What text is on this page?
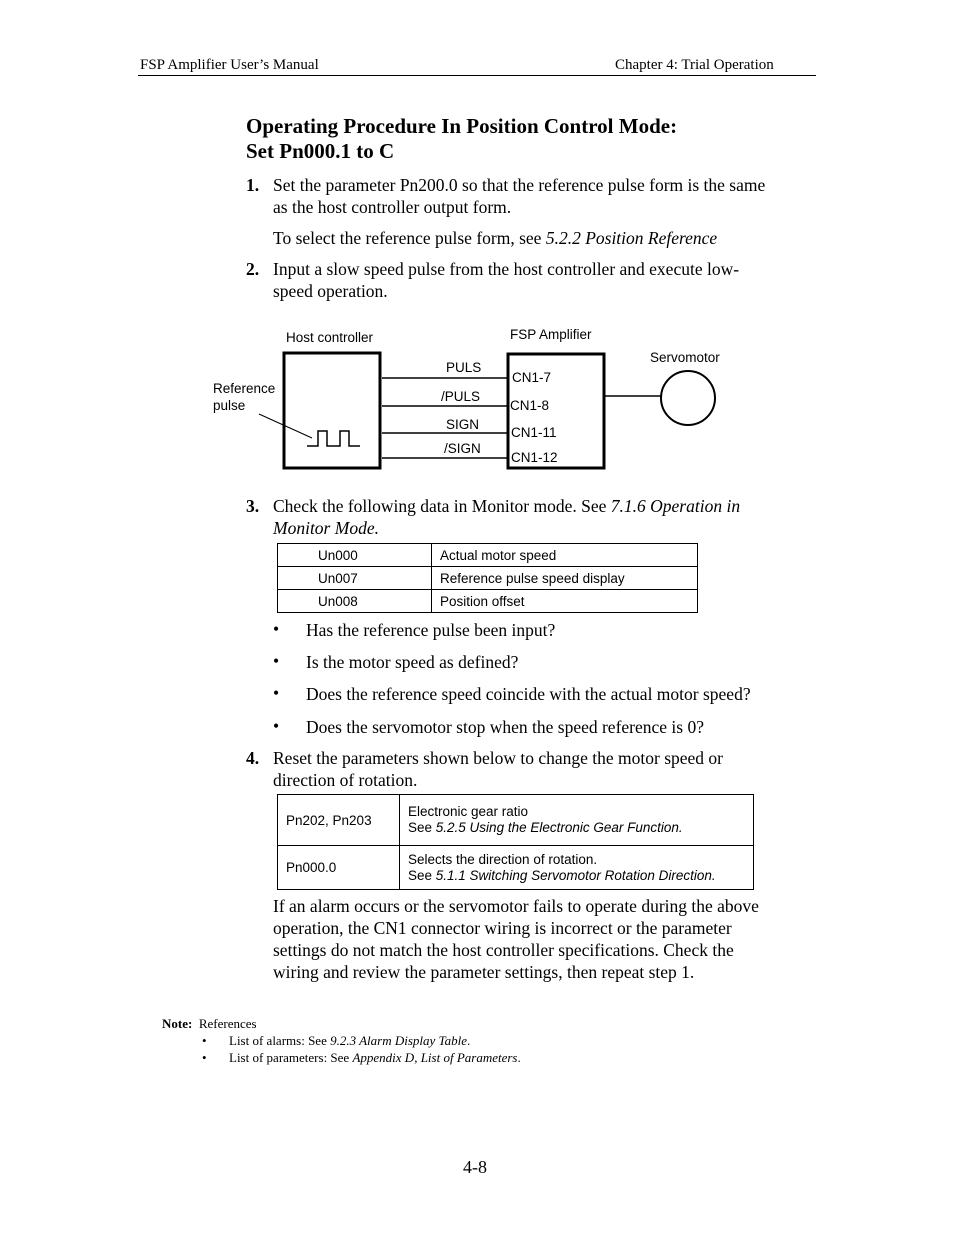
FSP Amplifier User’s Manual	Chapter 4: Trial Operation
Operating Procedure In Position Control Mode:
Set Pn000.1 to C
1. Set the parameter Pn200.0 so that the reference pulse form is the same
as the host controller output form.
To select the reference pulse form, see 5.2.2 Position Reference
2. Input a slow speed pulse from the host controller and execute low-
speed operation.
Host controller	FSP Amplifier
Servomotor
Reference
pulse
PULS
/PULS
SIGN
/SIGN
CN1-7
CN1-8
CN1-11
CN1-12
3. Check the following data in Monitor mode. See 7.1.6 Operation in
Monitor Mode.
Un000	Actual motor speed
Un007	Reference pulse speed display
Un008	Position offset
• Has the reference pulse been input?
• Is the motor speed as defined?
• Does the reference speed coincide with the actual motor speed?
• Does the servomotor stop when the speed reference is 0?
4. Reset the parameters shown below to change the motor speed or
direction of rotation.
Pn202, Pn203	Electronic gear ratio
See 5.2.5 Using the Electronic Gear Function.

Pn000.0	Selects the direction of rotation.
See 5.1.1 Switching Servomotor Rotation Direction.
If an alarm occurs or the servomotor fails to operate during the above
operation, the CN1 connector wiring is incorrect or the parameter
settings do not match the host controller specifications. Check the
wiring and review the parameter settings, then repeat step 1.
Note: References
• List of alarms: See 9.2.3 Alarm Display Table.
• List of parameters: See Appendix D, List of Parameters.
4-8
